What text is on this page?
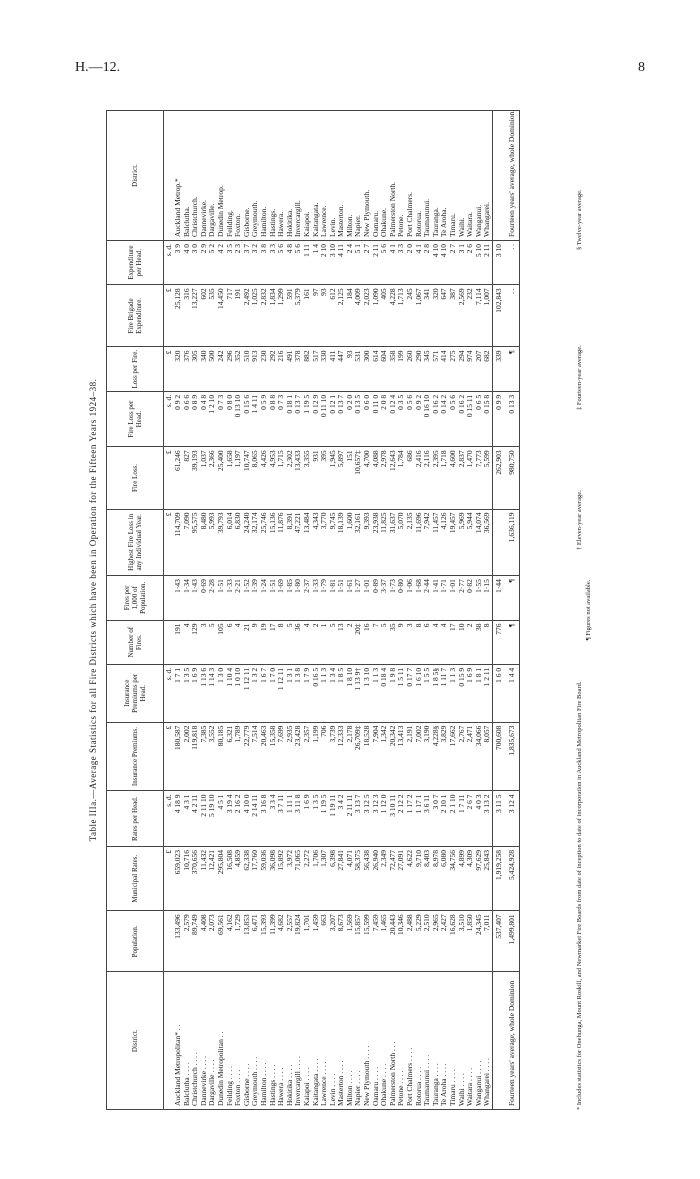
H.—12.	8
Table IIIa.—Average Statistics for all Fire Districts which have been in Operation for the Fifteen Years 1924–38.
District.	Population.	Municipal Rates.	Rates per Head.	Insurance Premiums.	Insurance Premiums per Head.	Number of Fires.	Fires per 1,000 of Population.	Highest Fire Loss in any Individual Year.	Fire Loss.	Fire Loss per Head.	Loss per Fire.	Fire Brigade Expenditure.	Expenditure per Head.	District.
		£	s. d.	£	s. d.			£	£	s. d.	£	£	s. d.	
Auckland Metropolitan* . .	133,496	659,023	4 18 9	180,587	1 7 1	191	1·43	114,709	61,246	0 9 2	320	25,128	3 9	Auckland Metrop.*
Balclutha . . . .	2,579	10,716	4 3 1	2,002	1 3 5	4	1·34	7,090	827	0 6 6	376	316	4 0	Balclutha.
Christchurch . . . .	89,749	370,656	4 2 11	119,818	1 6 9	129	1·43	95,575	39,193	0 8 9	305	13,227	3 0	Christchurch.
Dannevirke . . . .	4,408	11,432	2 11 10	7,385	1 13 6	3	0·69	8,480	1,037	0 4 8	340	602	2 9	Dannevirke.
Dargaville . . . .	2,073	12,421	5 19 10	3,552	1 14 3	5	2·28	5,993	2,366	1 2 10	500	535	5 2	Dargaville.
Dunedin Metropolitan . .	69,561	295,804	4 5 1	80,185	1 3 0	105	1·51	39,793	25,400	0 7 3	242	14,450	4 2	Dunedin Metrop.
Feilding . . . .	4,162	16,508	3 19 4	6,321	1 10 4	6	1·33	6,014	1,658	0 8 0	296	717	3 5	Feilding.
Foxton . . . .	1,729	4,859	2 16 2	1,789	1 0 10	4	2·21	6,830	1,197	0 13 10	352	191	2 3	Foxton.
Gisborne . . . .	13,853	62,338	4 10 0	22,779	1 12 11	21	1·52	24,240	10,747	0 15 6	510	2,492	3 7	Gisborne.
Greymouth . . . .	6,471	17,760	2 14 11	7,514	1 3 2	9	1·39	32,174	8,065	1 4 11	913	1,025	3 2	Greymouth.
Hamilton . . . .	15,393	59,036	3 16 8	20,463	1 6 7	19	1·24	25,746	4,426	0 5 9	230	2,832	3 8	Hamilton.
Hastings . . . .	11,399	36,098	3 3 4	15,358	1 7 0	17	1·51	15,136	4,953	0 8 8	292	1,834	3 3	Hastings.
Hawera . . . .	4,682	15,892	3 7 11	7,699	1 12 11	8	1·69	11,876	1,715	0 7 3	216	1,299	5 6	Hawera.
Hokitika . . . .	2,557	3,972	1 11 1	2,935	1 3 1	5	1·85	8,391	2,302	0 18 1	491	591	4 8	Hokitika.
Invercargill . . . .	19,824	71,065	3 11 8	23,428	1 3 8	36	1·80	47,221	13,433	0 13 7	378	5,379	5 6	Invercargill.
Kaiapoi . . . .	1,701	2,272	1 6 9	2,357	1 7 9	4	2·37	13,484	3,355	1 19 5	882	161	1 11	Kaiapoi.
Kaitangata . . . .	1,459	1,706	1 3 5	1,199	0 16 5	2	1·33	4,343	931	0 12 9	517	97	1 4	Kaitangata.
Lawrence . . . .	663	1,307	1 19 5	706	1 1 3	1	1·79	3,770	395	0 11 10	330	93	2 10	Lawrence.
Levin . . . .	3,207	6,398	1 19 11	3,739	1 3 4	5	1·81	9,745	1,945	0 12 1	411	612	3 10	Levin.
Masterton . . . .	8,673	27,841	3 4 2	12,333	1 8 5	13	1·51	18,139	5,897	0 13 7	447	2,125	4 11	Masterton.
Milton . . . .	1,569	4,071	2 11 11	2,178	1 8 10	2	1·61	1,600	151	0 2 0	93	184	2 4	Milton.
Napier . . . .	15,857	58,375	3 13 7	26,709‡	1 13 9†	20‡	1·27	32,161	10,657‡	0 13 5	531	4,009	5 1	Napier.
New Plymouth . . . .	15,599	56,438	3 12 5	18,528	1 3 10	16	1·01	9,393	4,700	0 6 0	300	2,023	2 7	New Plymouth.
Oamaru . . . .	7,459	26,940	3 12 3	7,904	1 1 3	7	0·89	23,938	4,088	0 11 0	614	1,090	2 11	Oamaru.
Ohakune . . . .	1,465	2,349	1 12 0	1,342	0 18 4	5	3·37	11,825	2,978	2 0 8	604	405	5 6	Ohakune.
Palmerston North . . .	20,443	72,477	3 10 11	20,342	1 9 8	35	1·73	31,637	12,643	0 12 4	358	4,228	4 1	Palmerston North.
Petone . . . .	10,346	27,091	2 12 2	13,413	1 5 11	9	0·80	5,070	1,784	0 3 5	199	1,713	3 3	Petone.
Port Chalmers . . . .	2,488	4,622	1 17 2	2,191	0 17 7	3	1·06	2,135	686	0 5 6	260	245	2 0	Port Chalmers.
Rotorua . . . .	5,229	9,710	1 17 1	7,002	1 6 10	8	1·68	11,696	2,416	0 9 2	290	1,067	4 1	Rotorua.
Taumarunui . . . .	2,510	8,403	3 6 11	3,190	1 5 5	6	2·44	7,942	2,116	0 16 10	345	341	2 8	Taumarunui.
Tauranga . . . .	2,965	8,978	3 0 7	4,228§	1 8 5§	4	1·41	11,457	2,395	0 16 2	571	320	4 10	Tauranga.
Te Aroha . . . .	2,427	6,080	2 10 1	3,829	1 11 7	4	1·71	4,126	1,718	0 14 2	414	647	4 10	Te Aroha.
Timaru . . . .	16,628	34,756	2 1 10	17,662	1 1 3	17	1·01	19,457	4,600	0 5 6	275	387	2 7	Timaru.
Waihi . . . .	3,510	4,899	1 7 11	2,767	0 15 9	10	2·77	5,969	2,837	0 16 2	294	2,569	3 1	Waihi.
Waitara . . . .	1,850	4,309	2 6 7	2,471	1 6 9	2	0·82	5,944	1,470	0 15 11	974	232	2 6	Waitara.
Wanganui . . . .	24,345	97,629	4 0 3	34,066	1 8 1	38	1·55	14,074	7,773	0 6 5	207	7,114	5 10	Wanganui.
Whangarei . . . .	7,011	25,843	3 13 2	8,057	1 2 11	8	1·15	36,569	5,599	0 15 8	682	1,007	2 11	Whangarei.
	537,407	1,919,258	3 11 5	700,608	1 6 0	776	1·44		262,903	0 9 9	339	102,843	3 10	
Fourteen years' average, whole Dominion	1,499,801	5,424,928	3 12 4	1,835,673	1 4 4	¶	¶	1,636,119	980,750	0 13 3	¶	. .	. .	Fourteen years' average, whole Dominion.
* Includes statistics for Onehunga, Mount Roskill, and Newmarket Fire Boards from date of inception to date of incorporation in Auckland Metropolitan Fire Board.
† Eleven-year average.
‡ Fourteen-year average.
§ Twelve-year average.
¶ Figures not available.
